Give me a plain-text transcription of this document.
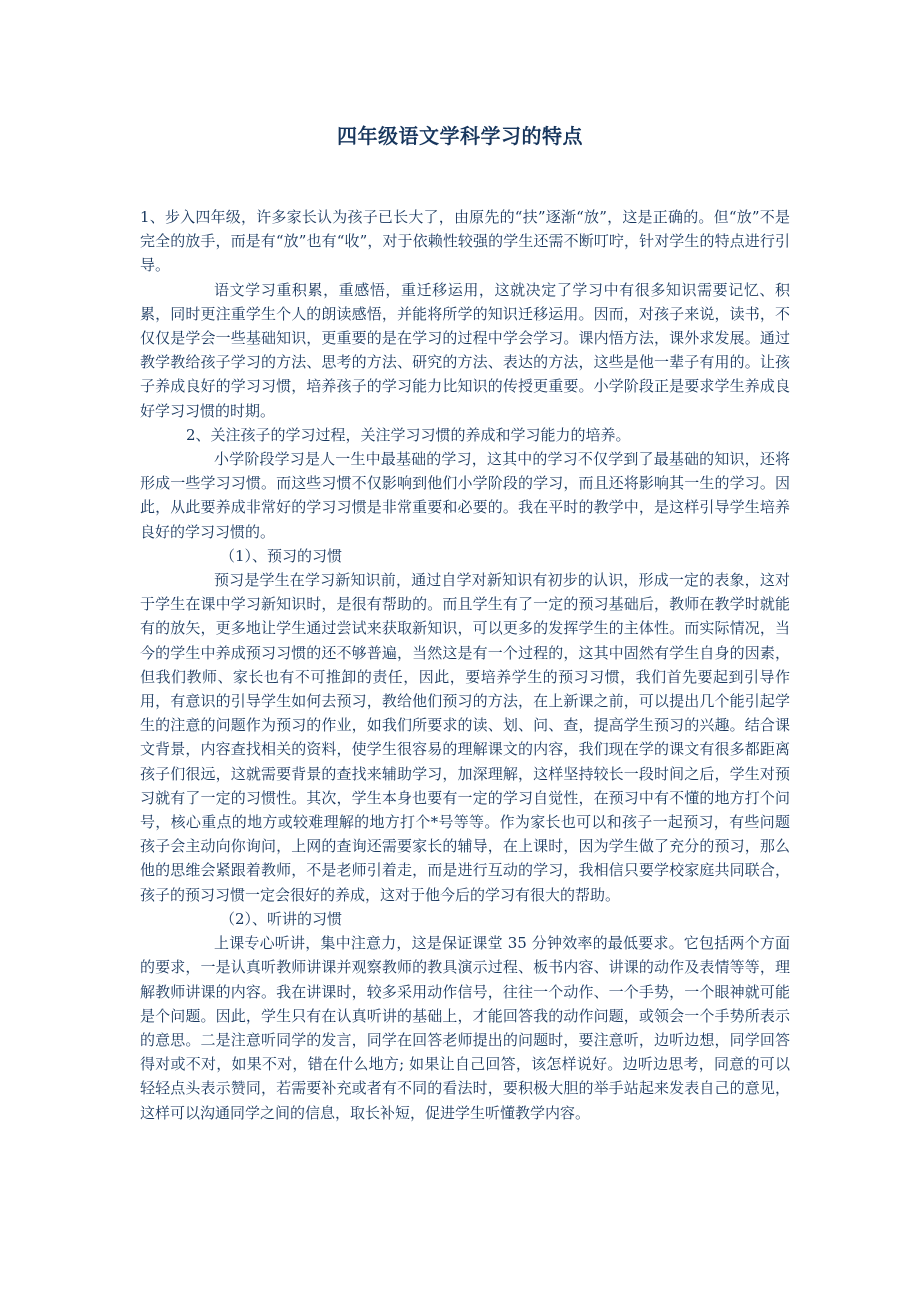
四年级语文学科学习的特点

1、步入四年级，许多家长认为孩子已长大了，由原先的“扶”逐渐“放”，这是正确的。但“放”不是完全的放手，而是有“放”也有“收”，对于依赖性较强的学生还需不断叮咛，针对学生的特点进行引导。

语文学习重积累，重感悟，重迁移运用，这就决定了学习中有很多知识需要记忆、积累，同时更注重学生个人的朗读感悟，并能将所学的知识迁移运用。因而，对孩子来说，读书，不仅仅是学会一些基础知识，更重要的是在学习的过程中学会学习。课内悟方法，课外求发展。通过教学教给孩子学习的方法、思考的方法、研究的方法、表达的方法，这些是他一辈子有用的。让孩子养成良好的学习习惯，培养孩子的学习能力比知识的传授更重要。小学阶段正是要求学生养成良好学习习惯的时期。

2、关注孩子的学习过程，关注学习习惯的养成和学习能力的培养。

小学阶段学习是人一生中最基础的学习，这其中的学习不仅学到了最基础的知识，还将形成一些学习习惯。而这些习惯不仅影响到他们小学阶段的学习，而且还将影响其一生的学习。因此，从此要养成非常好的学习习惯是非常重要和必要的。我在平时的教学中，是这样引导学生培养良好的学习习惯的。

（1）、预习的习惯

预习是学生在学习新知识前，通过自学对新知识有初步的认识，形成一定的表象，这对于学生在课中学习新知识时，是很有帮助的。而且学生有了一定的预习基础后，教师在教学时就能有的放矢，更多地让学生通过尝试来获取新知识，可以更多的发挥学生的主体性。而实际情况，当今的学生中养成预习习惯的还不够普遍，当然这是有一个过程的，这其中固然有学生自身的因素，但我们教师、家长也有不可推卸的责任，因此，要培养学生的预习习惯，我们首先要起到引导作用，有意识的引导学生如何去预习，教给他们预习的方法，在上新课之前，可以提出几个能引起学生的注意的问题作为预习的作业，如我们所要求的读、划、问、查，提高学生预习的兴趣。结合课文背景，内容查找相关的资料，使学生很容易的理解课文的内容，我们现在学的课文有很多都距离孩子们很远，这就需要背景的查找来辅助学习，加深理解，这样坚持较长一段时间之后，学生对预习就有了一定的习惯性。其次，学生本身也要有一定的学习自觉性，在预习中有不懂的地方打个问号，核心重点的地方或较难理解的地方打个*号等等。作为家长也可以和孩子一起预习，有些问题孩子会主动向你询问，上网的查询还需要家长的辅导，在上课时，因为学生做了充分的预习，那么他的思维会紧跟着教师，不是老师引着走，而是进行互动的学习，我相信只要学校家庭共同联合，孩子的预习习惯一定会很好的养成，这对于他今后的学习有很大的帮助。

（2）、听讲的习惯

上课专心听讲，集中注意力，这是保证课堂 35 分钟效率的最低要求。它包括两个方面的要求，一是认真听教师讲课并观察教师的教具演示过程、板书内容、讲课的动作及表情等等，理解教师讲课的内容。我在讲课时，较多采用动作信号，往往一个动作、一个手势，一个眼神就可能是个问题。因此，学生只有在认真听讲的基础上，才能回答我的动作问题，或领会一个手势所表示的意思。二是注意听同学的发言，同学在回答老师提出的问题时，要注意听，边听边想，同学回答得对或不对，如果不对，错在什么地方; 如果让自己回答，该怎样说好。边听边思考，同意的可以轻轻点头表示赞同，若需要补充或者有不同的看法时，要积极大胆的举手站起来发表自己的意见，这样可以沟通同学之间的信息，取长补短，促进学生听懂教学内容。
